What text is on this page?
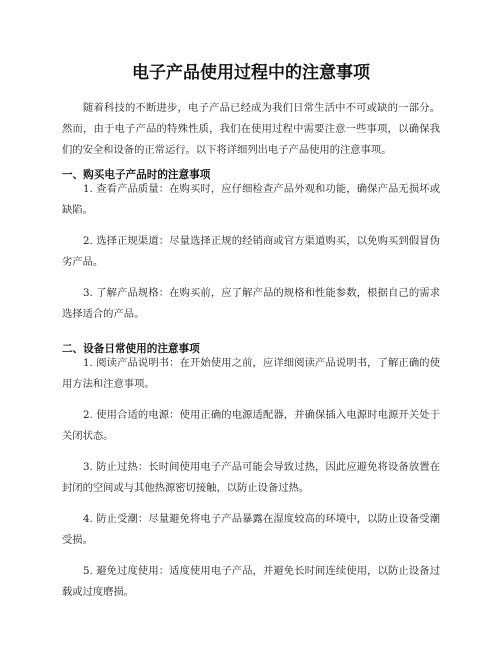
电子产品使用过程中的注意事项

随着科技的不断进步，电子产品已经成为我们日常生活中不可或缺的一部分。然而，由于电子产品的特殊性质，我们在使用过程中需要注意一些事项，以确保我们的安全和设备的正常运行。以下将详细列出电子产品使用的注意事项。

一、购买电子产品时的注意事项

1. 查看产品质量：在购买时，应仔细检查产品外观和功能，确保产品无损坏或缺陷。

2. 选择正规渠道：尽量选择正规的经销商或官方渠道购买，以免购买到假冒伪劣产品。

3. 了解产品规格：在购买前，应了解产品的规格和性能参数，根据自己的需求选择适合的产品。

二、设备日常使用的注意事项

1. 阅读产品说明书：在开始使用之前，应详细阅读产品说明书，了解正确的使用方法和注意事项。

2. 使用合适的电源：使用正确的电源适配器，并确保插入电源时电源开关处于关闭状态。

3. 防止过热：长时间使用电子产品可能会导致过热，因此应避免将设备放置在封闭的空间或与其他热源密切接触，以防止设备过热。

4. 防止受潮：尽量避免将电子产品暴露在湿度较高的环境中，以防止设备受潮受损。

5. 避免过度使用：适度使用电子产品，并避免长时间连续使用，以防止设备过载或过度磨损。
